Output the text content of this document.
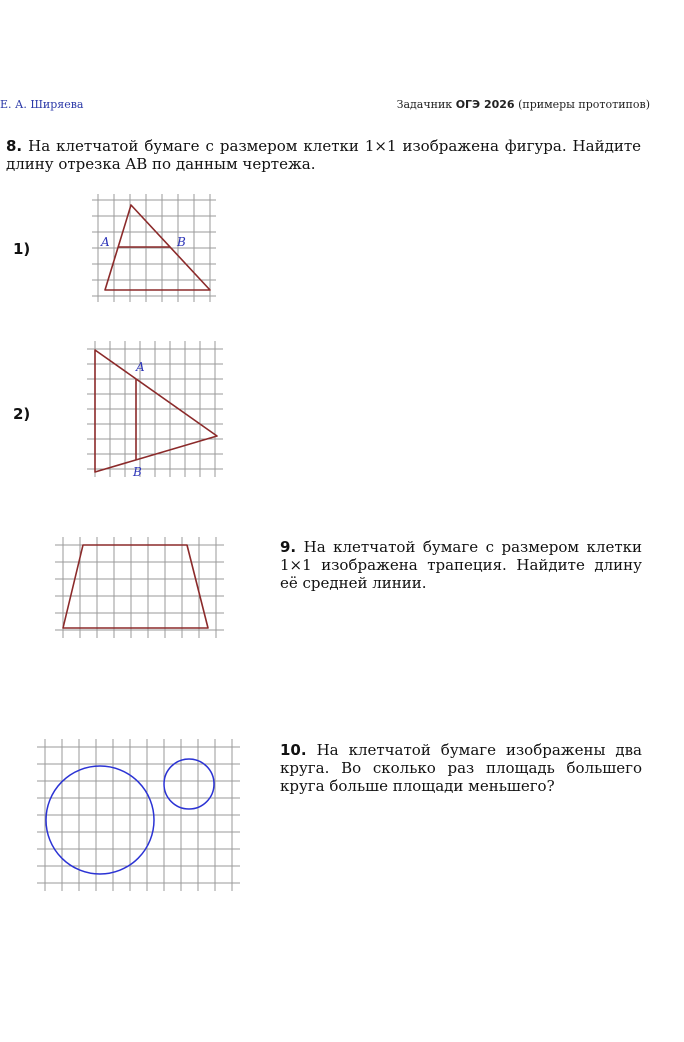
Е. А. Ширяева	Задачник ОГЭ 2026 (примеры прототипов)
8. На клетчатой бумаге с размером клетки 1×1 изображена фигура. Найдите длину отрезка AB по данным чертежа.
1)
2)
A	B
A
B
9. На клетчатой бумаге с размером клетки 1×1 изображена трапеция. Найдите длину её средней линии.
10. На клетчатой бумаге изображены два круга. Во сколько раз площадь большего круга больше площади меньшего?
